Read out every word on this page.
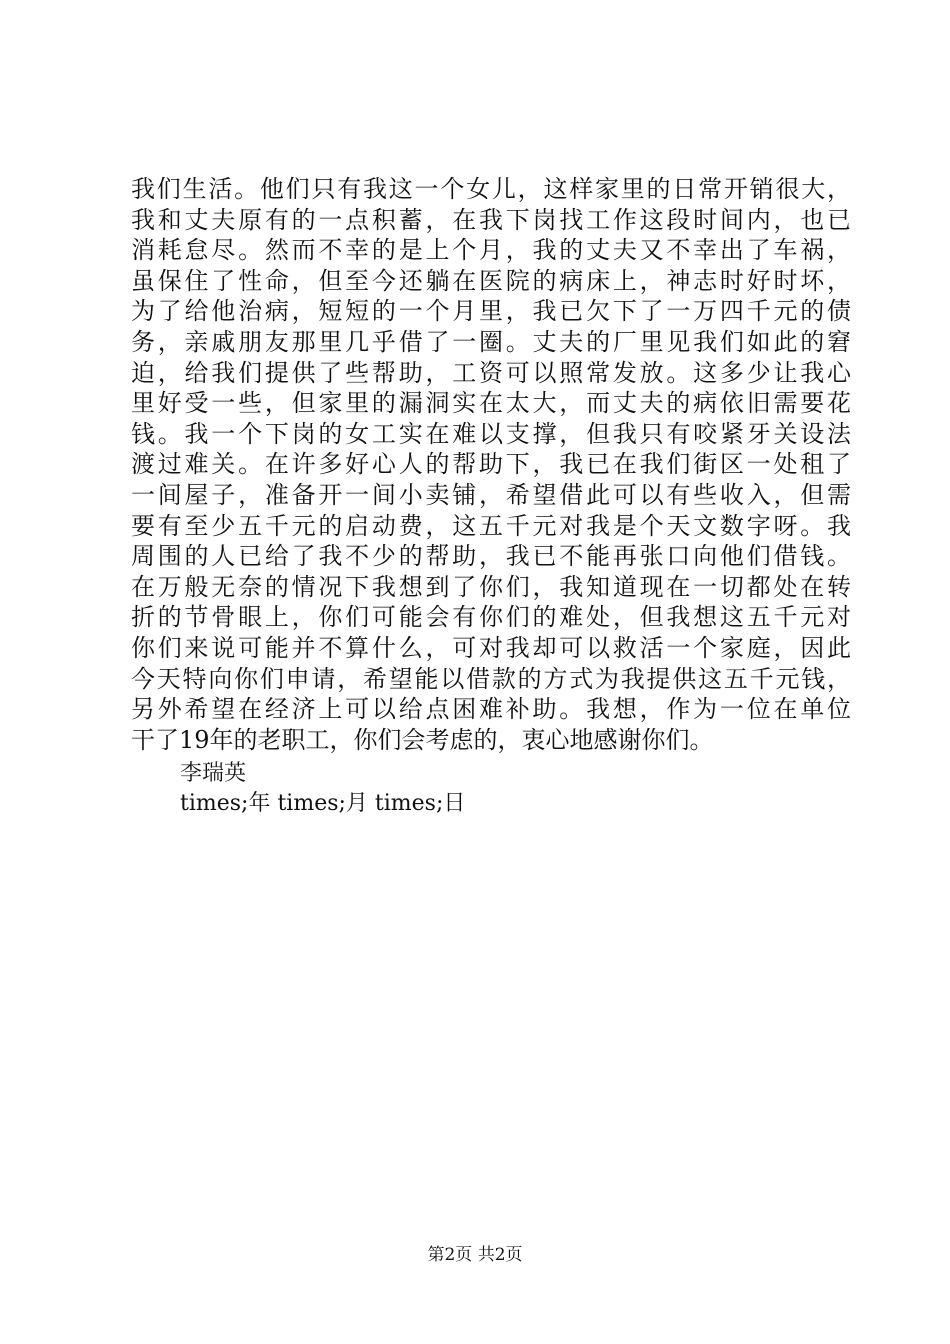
我们生活。他们只有我这一个女儿，这样家里的日常开销很大，
我和丈夫原有的一点积蓄，在我下岗找工作这段时间内，也已
消耗怠尽。然而不幸的是上个月，我的丈夫又不幸出了车祸，
虽保住了性命，但至今还躺在医院的病床上，神志时好时坏，
为了给他治病，短短的一个月里，我已欠下了一万四千元的债
务，亲戚朋友那里几乎借了一圈。丈夫的厂里见我们如此的窘
迫，给我们提供了些帮助，工资可以照常发放。这多少让我心
里好受一些，但家里的漏洞实在太大，而丈夫的病依旧需要花
钱。我一个下岗的女工实在难以支撑，但我只有咬紧牙关设法
渡过难关。在许多好心人的帮助下，我已在我们街区一处租了
一间屋子，准备开一间小卖铺，希望借此可以有些收入，但需
要有至少五千元的启动费，这五千元对我是个天文数字呀。我
周围的人已给了我不少的帮助，我已不能再张口向他们借钱。
在万般无奈的情况下我想到了你们，我知道现在一切都处在转
折的节骨眼上，你们可能会有你们的难处，但我想这五千元对
你们来说可能并不算什么，可对我却可以救活一个家庭，因此
今天特向你们申请，希望能以借款的方式为我提供这五千元钱，
另外希望在经济上可以给点困难补助。我想，作为一位在单位
干了19年的老职工，你们会考虑的，衷心地感谢你们。
李瑞英
times;年 times;月 times;日
第2页 共2页
